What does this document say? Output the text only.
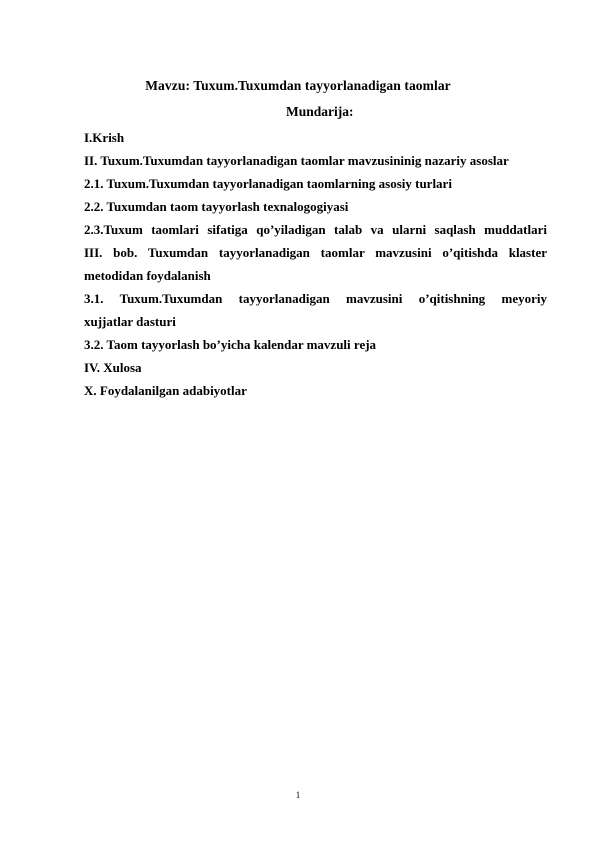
Mavzu: Tuxum.Tuxumdan tayyorlanadigan taomlar
Mundarija:
I.Krish
II. Tuxum.Tuxumdan tayyorlanadigan taomlar mavzusininig nazariy asoslar
2.1. Tuxum.Tuxumdan tayyorlanadigan taomlarning asosiy turlari
2.2. Tuxumdan taom tayyorlash texnalogogiyasi
2.3.Tuxum taomlari sifatiga qo’yiladigan talab va ularni saqlash muddatlari
III. bob. Tuxumdan tayyorlanadigan taomlar mavzusini o’qitishda klaster
metodidan foydalanish
3.1. Tuxum.Tuxumdan tayyorlanadigan mavzusini o’qitishning meyoriy
xujjatlar dasturi
3.2. Taom tayyorlash bo’yicha kalendar mavzuli reja
IV. Xulosa
X. Foydalanilgan adabiyotlar
1
